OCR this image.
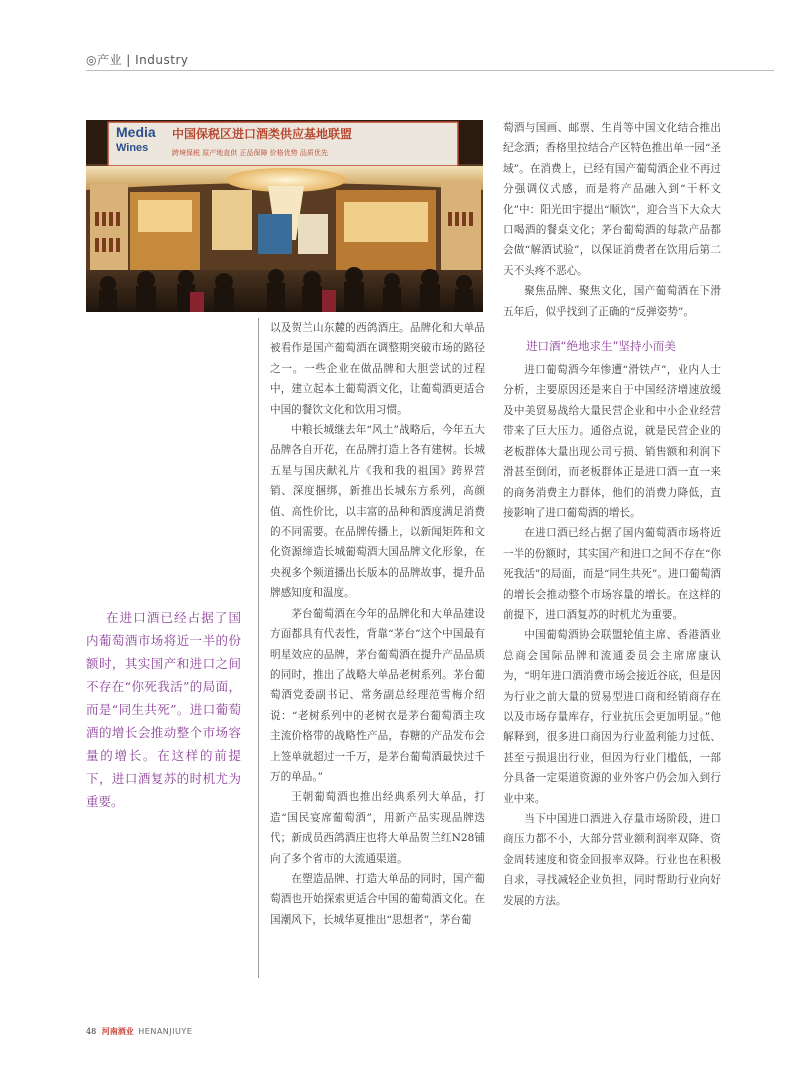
◎产业 | Industry
Media
Wines
中国保税区进口酒类供应基地联盟
跨境保税 原产地直供 正品保障 价格优势 品质优先
在进口酒已经占据了国内葡萄酒市场将近一半的份额时，其实国产和进口之间不存在“你死我活”的局面，而是“同生共死”。进口葡萄酒的增长会推动整个市场容量的增长。在这样的前提下，进口酒复苏的时机尤为重要。

以及贺兰山东麓的西鸽酒庄。品牌化和大单品被看作是国产葡萄酒在调整期突破市场的路径之一。一些企业在做品牌和大胆尝试的过程中，建立起本土葡萄酒文化，让葡萄酒更适合中国的餐饮文化和饮用习惯。

中粮长城继去年“风土”战略后，今年五大品牌各自开花，在品牌打造上各有建树。长城五星与国庆献礼片《我和我的祖国》跨界营销、深度捆绑，新推出长城东方系列，高颜值、高性价比，以丰富的品种和酒度满足消费的不同需要。在品牌传播上，以新闻矩阵和文化资源缔造长城葡萄酒大国品牌文化形象，在央视多个频道播出长版本的品牌故事，提升品牌感知度和温度。

茅台葡萄酒在今年的品牌化和大单品建设方面都具有代表性，背靠“茅台”这个中国最有明星效应的品牌，茅台葡萄酒在提升产品品质的同时，推出了战略大单品老树系列。茅台葡萄酒党委副书记、常务副总经理范雪梅介绍说：“老树系列中的老树衣是茅台葡萄酒主攻主流价格带的战略性产品，春糖的产品发布会上签单就超过一千万，是茅台葡萄酒最快过千万的单品。”

王朝葡萄酒也推出经典系列大单品，打造“国民宴席葡萄酒”，用新产品实现品牌迭代；新成员西鸽酒庄也将大单品贺兰红N28铺向了多个省市的大流通渠道。

在塑造品牌、打造大单品的同时，国产葡萄酒也开始探索更适合中国的葡萄酒文化。在国潮风下，长城华夏推出“思想者”，茅台葡

萄酒与国画、邮票、生肖等中国文化结合推出纪念酒；香格里拉结合产区特色推出单一园“圣域”。在消费上，已经有国产葡萄酒企业不再过分强调仪式感，而是将产品融入到“干杯文化”中：阳光田宇提出“顺饮”，迎合当下大众大口喝酒的餐桌文化；茅台葡萄酒的每款产品都会做“解酒试验”，以保证消费者在饮用后第二天不头疼不恶心。

聚焦品牌、聚焦文化，国产葡萄酒在下滑五年后，似乎找到了正确的“反弹姿势”。

进口酒“绝地求生”坚持小而美

进口葡萄酒今年惨遭“滑铁卢”，业内人士分析，主要原因还是来自于中国经济增速放缓及中美贸易战给大量民营企业和中小企业经营带来了巨大压力。通俗点说，就是民营企业的老板群体大量出现公司亏损、销售额和利润下滑甚至倒闭，而老板群体正是进口酒一直一来的商务消费主力群体，他们的消费力降低，直接影响了进口葡萄酒的增长。

在进口酒已经占据了国内葡萄酒市场将近一半的份额时，其实国产和进口之间不存在“你死我活”的局面，而是“同生共死”。进口葡萄酒的增长会推动整个市场容量的增长。在这样的前提下，进口酒复苏的时机尤为重要。

中国葡萄酒协会联盟轮值主席、香港酒业总商会国际品牌和流通委员会主席席康认为，“明年进口酒消费市场会接近谷底，但是因为行业之前大量的贸易型进口商和经销商存在以及市场存量库存，行业抗压会更加明显。”他解释到，很多进口商因为行业盈利能力过低、甚至亏损退出行业，但因为行业门槛低，一部分具备一定渠道资源的业外客户仍会加入到行业中来。

当下中国进口酒进入存量市场阶段，进口商压力都不小，大部分营业额利润率双降、资金周转速度和资金回报率双降。行业也在积极自求，寻找减轻企业负担，同时帮助行业向好发展的方法。

48 河南酒业 HENANJIUYE
